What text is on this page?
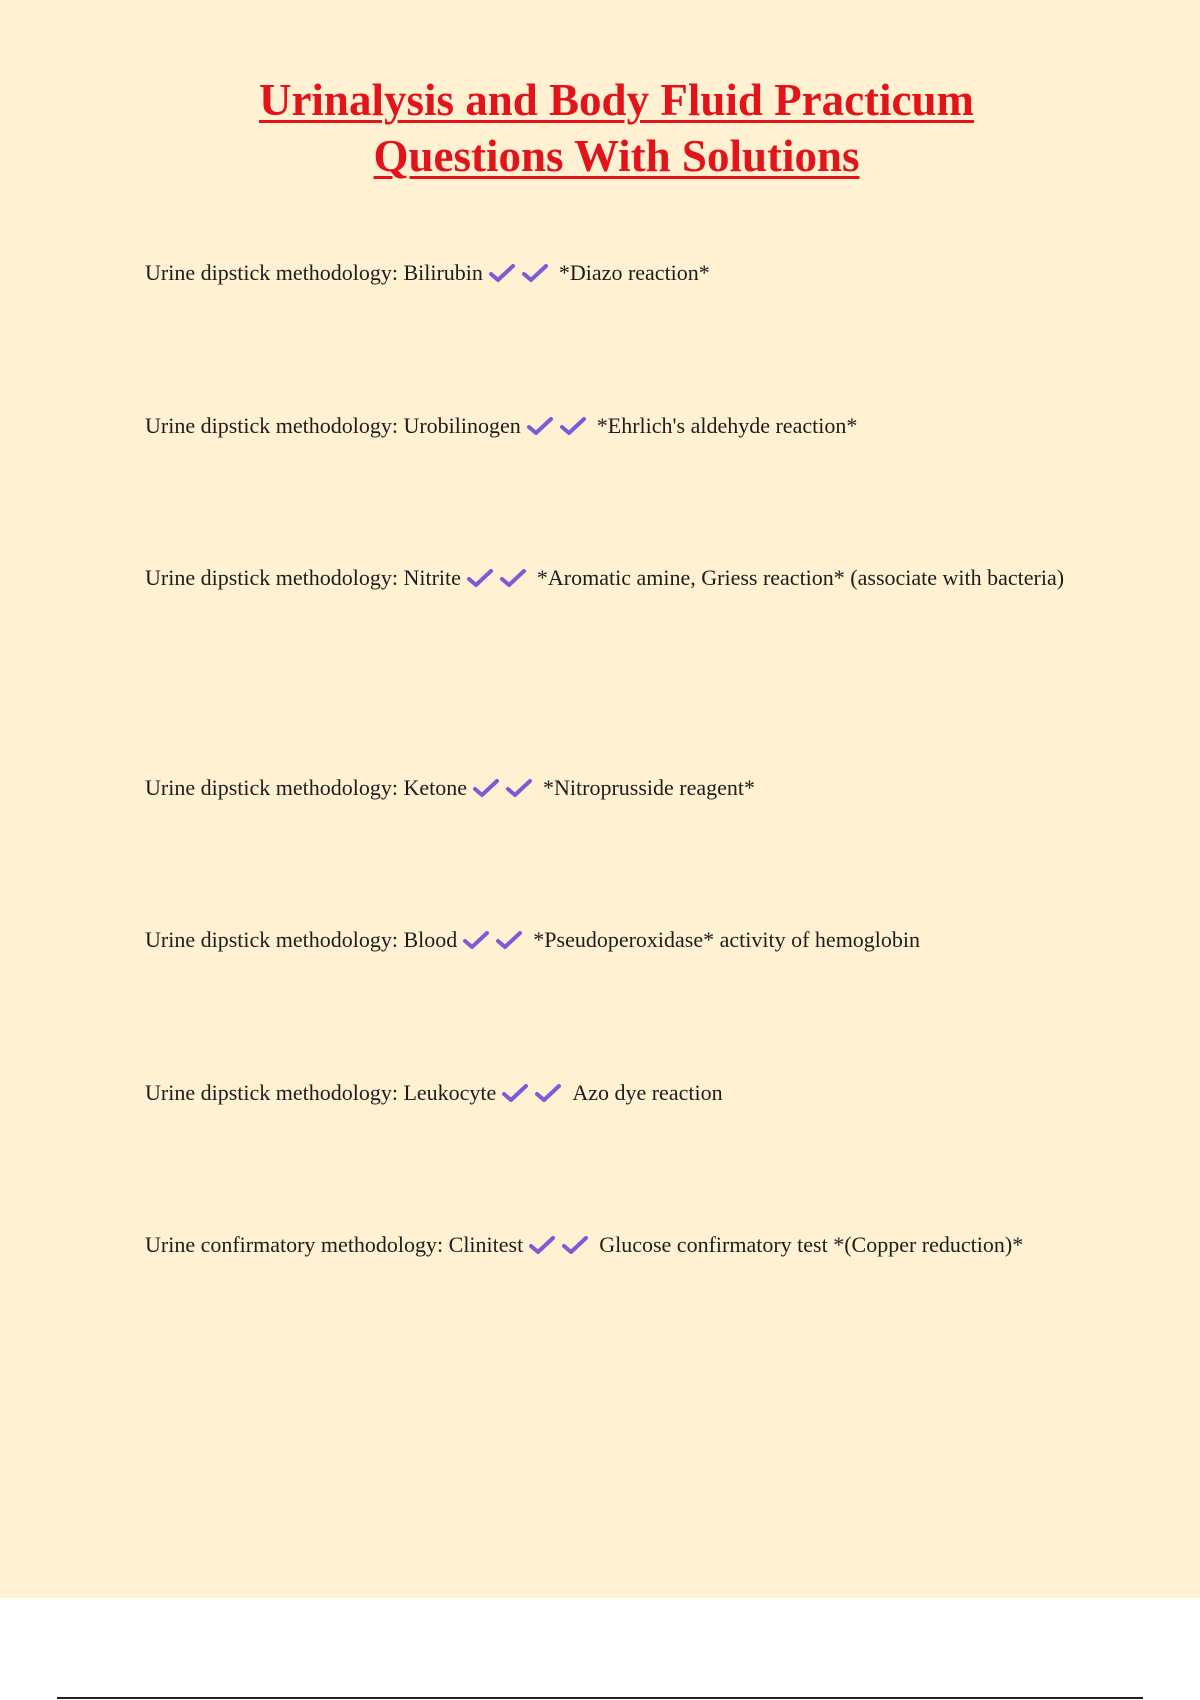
Urinalysis and Body Fluid Practicum
Questions With Solutions
Urine dipstick methodology: Bilirubin	*Diazo reaction*
Urine dipstick methodology: Urobilinogen	*Ehrlich's aldehyde reaction*
Urine dipstick methodology: Nitrite	*Aromatic amine, Griess reaction* (associate with bacteria)
Urine dipstick methodology: Ketone	*Nitroprusside reagent*
Urine dipstick methodology: Blood	*Pseudoperoxidase* activity of hemoglobin
Urine dipstick methodology: Leukocyte	Azo dye reaction
Urine confirmatory methodology: Clinitest	Glucose confirmatory test *(Copper reduction)*
